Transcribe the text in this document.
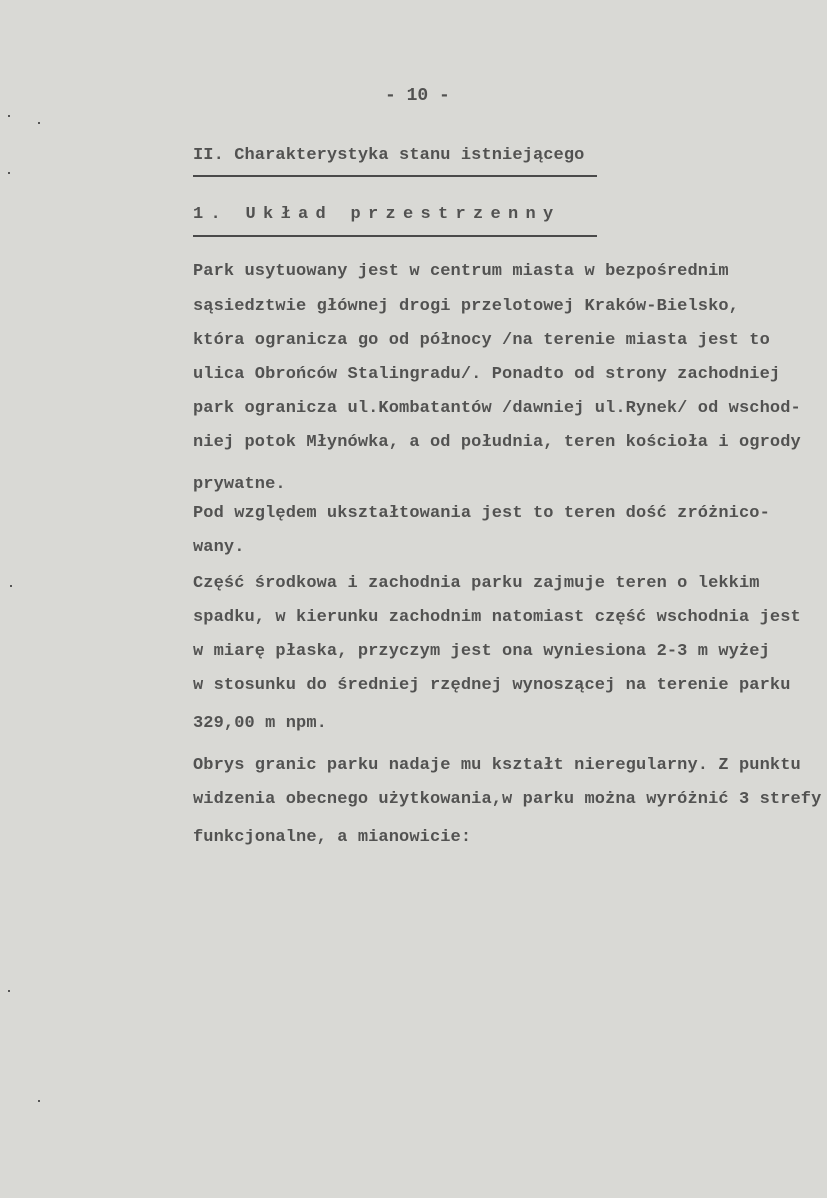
- 10 -
II. Charakterystyka stanu istniejącego
1. Układ przestrzenny
Park usytuowany jest w centrum miasta w bezpośrednim
sąsiedztwie głównej drogi przelotowej Kraków-Bielsko,
która ogranicza go od północy /na terenie miasta jest to
ulica Obrońców Stalingradu/. Ponadto od strony zachodniej
park ogranicza ul.Kombatantów /dawniej ul.Rynek/ od wschod-
niej potok Młynówka, a od południa, teren kościoła i ogrody
prywatne.
Pod względem ukształtowania jest to teren dość zróżnico-
wany.
Część środkowa i zachodnia parku zajmuje teren o lekkim
spadku, w kierunku zachodnim natomiast część wschodnia jest
w miarę płaska, przyczym jest ona wyniesiona 2-3 m wyżej
w stosunku do średniej rzędnej wynoszącej na terenie parku
329,00 m npm.
Obrys granic parku nadaje mu kształt nieregularny. Z punktu
widzenia obecnego użytkowania,w parku można wyróżnić 3 strefy
funkcjonalne, a mianowicie:
